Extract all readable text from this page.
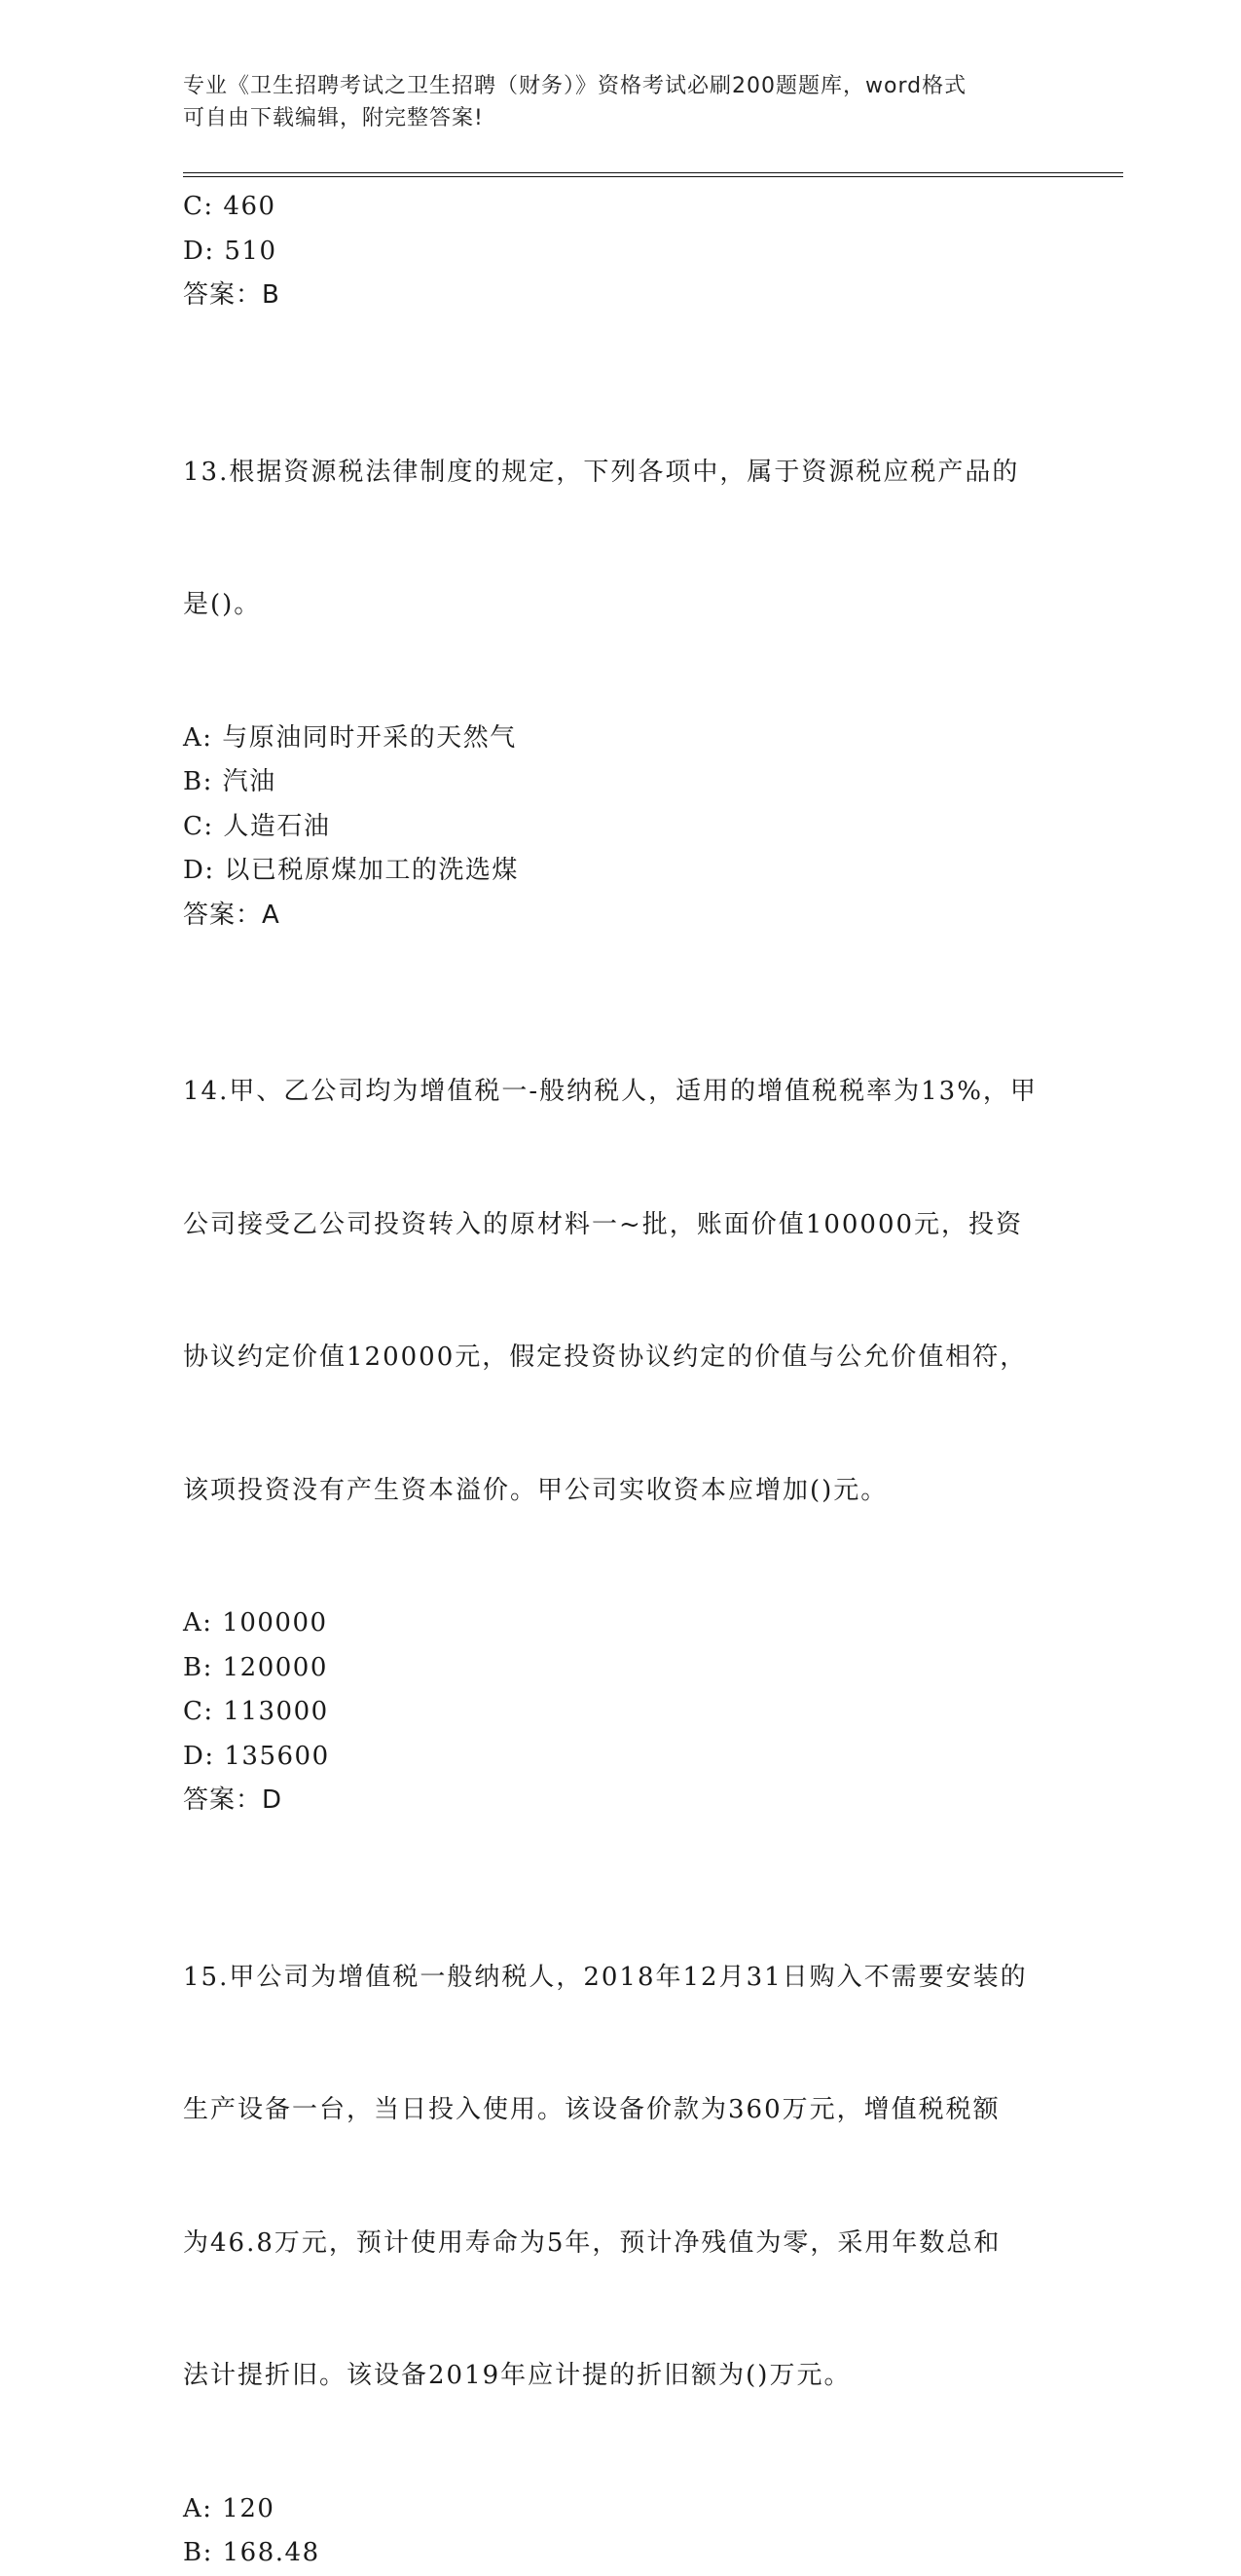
专业《卫生招聘考试之卫生招聘（财务）》资格考试必刷200题题库，word格式
可自由下载编辑，附完整答案!
C: 460
D: 510
答案：B

13.根据资源税法律制度的规定，下列各项中，属于资源税应税产品的

是()。

A: 与原油同时开采的天然气
B: 汽油
C: 人造石油
D: 以已税原煤加工的洗选煤
答案：A

14.甲、乙公司均为增值税一-般纳税人，适用的增值税税率为13%，甲

公司接受乙公司投资转入的原材料一~批，账面价值100000元，投资

协议约定价值120000元，假定投资协议约定的价值与公允价值相符，

该项投资没有产生资本溢价。甲公司实收资本应增加()元。

A: 100000
B: 120000
C: 113000
D: 135600
答案：D

15.甲公司为增值税一般纳税人，2018年12月31日购入不需要安装的

生产设备一台，当日投入使用。该设备价款为360万元，增值税税额

为46.8万元，预计使用寿命为5年，预计净残值为零，采用年数总和

法计提折旧。该设备2019年应计提的折旧额为()万元。

A: 120
B: 168.48
